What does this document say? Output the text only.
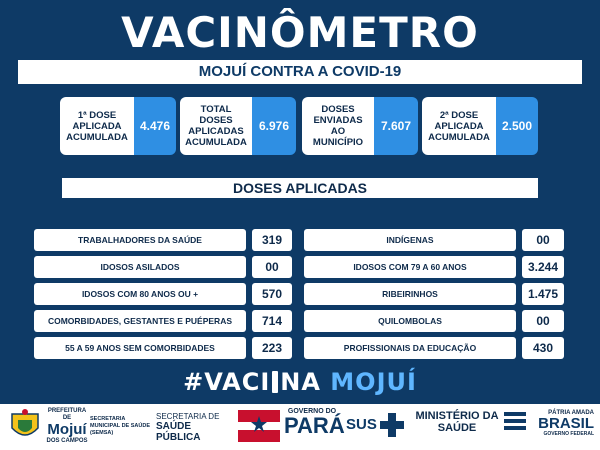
VACINÔMETRO
MOJUÍ CONTRA A COVID-19
1ª DOSE APLICADA ACUMULADA
4.476
TOTAL DOSES APLICADAS ACUMULADA
6.976
DOSES ENVIADAS AO MUNICÍPIO
7.607
2ª DOSE APLICADA ACUMULADA
2.500
DOSES APLICADAS
TRABALHADORES DA SAÚDE	319
IDOSOS ASILADOS	00
IDOSOS COM 80 ANOS OU +	570
COMORBIDADES, GESTANTES E PUÉPERAS	714
55 A 59 ANOS SEM COMORBIDADES	223
INDÍGENAS	00
IDOSOS COM 79 A 60 ANOS	3.244
RIBEIRINHOS	1.475
QUILOMBOLAS	00
PROFISSIONAIS DA EDUCAÇÃO	430
#VACI NA MOJUÍ
PREFEITURA DE
Mojuí
DOS CAMPOS
SECRETARIA MUNICIPAL DE SAÚDE (SEMSA)
SECRETARIA DE
SAÚDE PÚBLICA
GOVERNO DO
PARÁ SUS	MINISTÉRIO DA
SAÚDE
PÁTRIA AMADA
BRASIL
GOVERNO FEDERAL
